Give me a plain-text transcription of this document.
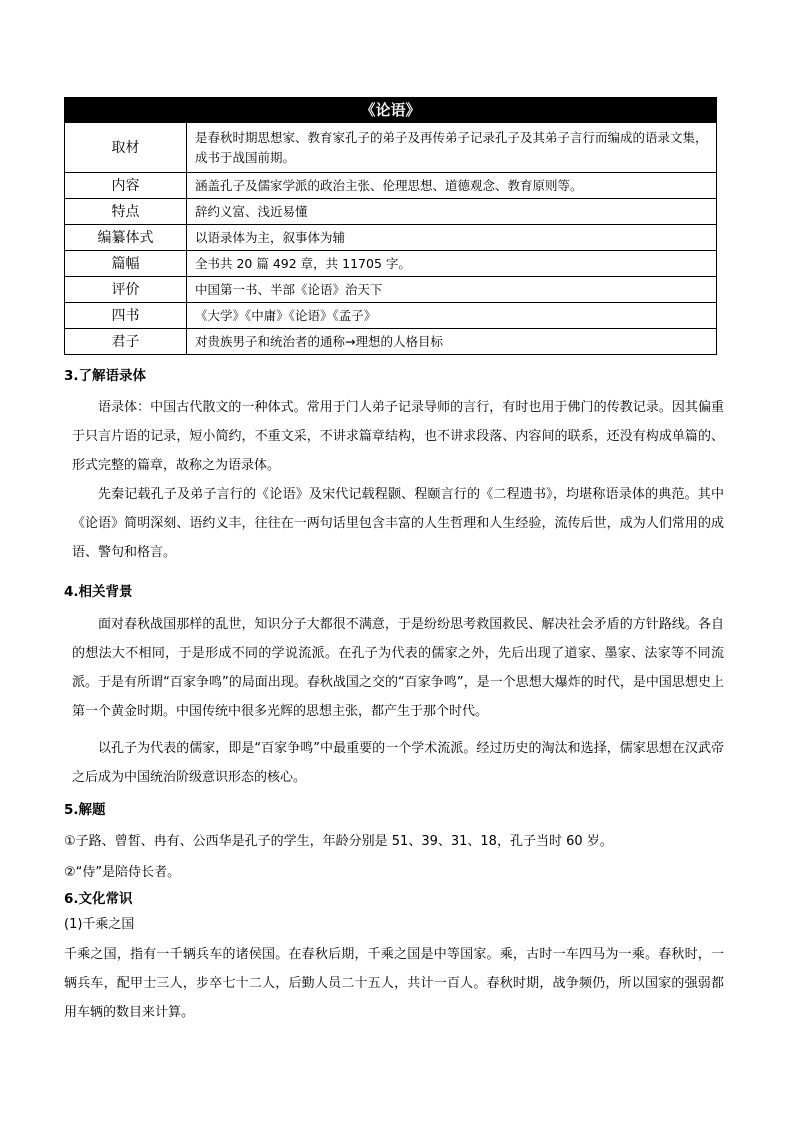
《论语》	
取材	是春秋时期思想家、教育家孔子的弟子及再传弟子记录孔子及其弟子言行而编成的语录文集，成书于战国前期。
内容	涵盖孔子及儒家学派的政治主张、伦理思想、道德观念、教育原则等。
特点	辞约义富、浅近易懂
编纂体式	以语录体为主，叙事体为辅
篇幅	全书共 20 篇 492 章，共 11705 字。
评价	中国第一书、半部《论语》治天下
四书	《大学》《中庸》《论语》《孟子》
君子	对贵族男子和统治者的通称→理想的人格目标
3.了解语录体
语录体：中国古代散文的一种体式。常用于门人弟子记录导师的言行，有时也用于佛门的传教记录。因其偏重于只言片语的记录，短小简约，不重文采，不讲求篇章结构，也不讲求段落、内容间的联系，还没有构成单篇的、形式完整的篇章，故称之为语录体。
先秦记载孔子及弟子言行的《论语》及宋代记载程颢、程颐言行的《二程遗书》，均堪称语录体的典范。其中《论语》简明深刻、语约义丰，往往在一两句话里包含丰富的人生哲理和人生经验，流传后世，成为人们常用的成语、警句和格言。
4.相关背景
面对春秋战国那样的乱世，知识分子大都很不满意，于是纷纷思考救国救民、解决社会矛盾的方针路线。各自的想法大不相同，于是形成不同的学说流派。在孔子为代表的儒家之外，先后出现了道家、墨家、法家等不同流派。于是有所谓“百家争鸣”的局面出现。春秋战国之交的“百家争鸣”，是一个思想大爆炸的时代，是中国思想史上第一个黄金时期。中国传统中很多光辉的思想主张，都产生于那个时代。
以孔子为代表的儒家，即是“百家争鸣”中最重要的一个学术流派。经过历史的淘汰和选择，儒家思想在汉武帝之后成为中国统治阶级意识形态的核心。
5.解题
①子路、曾皙、冉有、公西华是孔子的学生，年龄分别是 51、39、31、18，孔子当时 60 岁。
②“侍”是陪侍长者。
6.文化常识
(1)千乘之国
千乘之国，指有一千辆兵车的诸侯国。在春秋后期，千乘之国是中等国家。乘，古时一车四马为一乘。春秋时，一辆兵车，配甲士三人，步卒七十二人，后勤人员二十五人，共计一百人。春秋时期，战争频仍，所以国家的强弱都用车辆的数目来计算。
